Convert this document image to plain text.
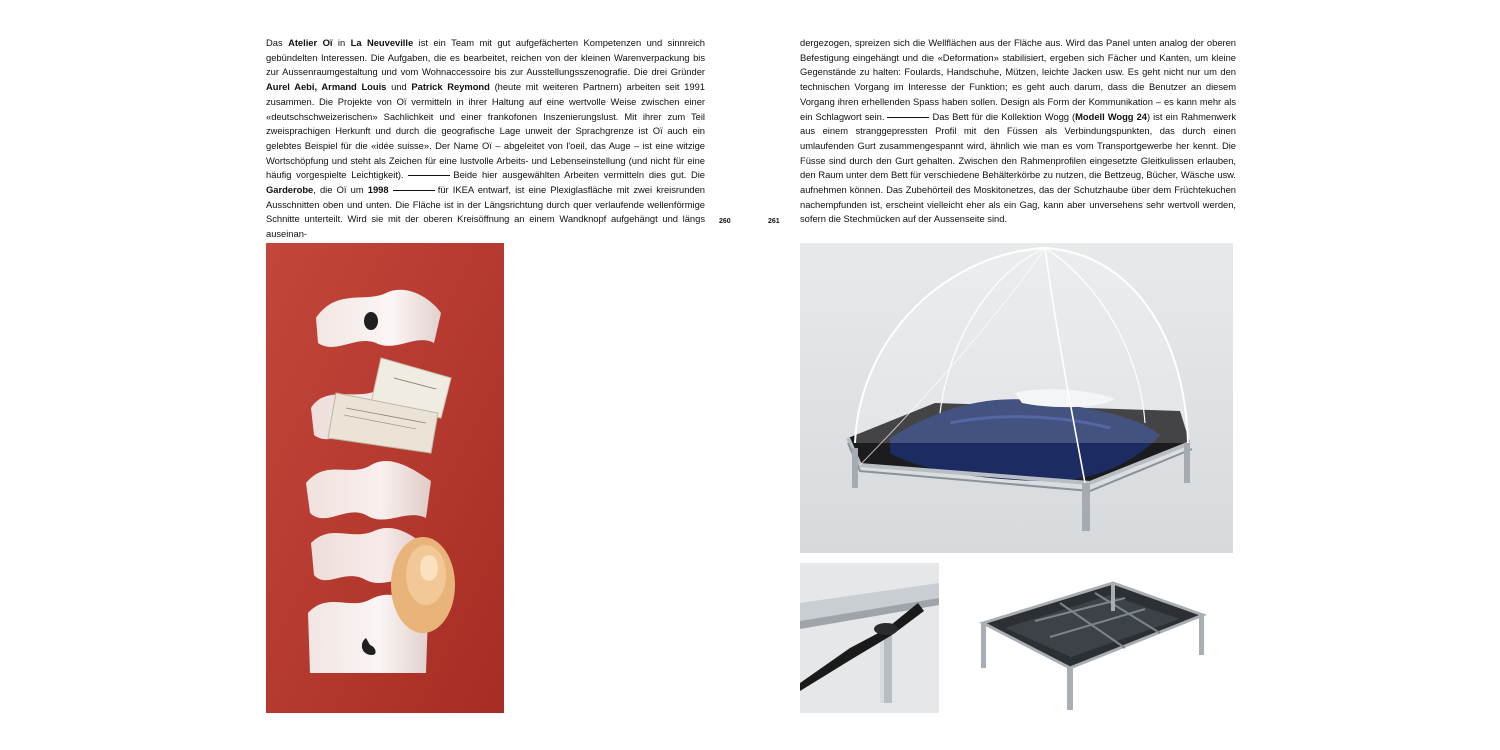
Das Atelier Oï in La Neuveville ist ein Team mit gut aufgefächerten Kompetenzen und sinnreich gebündelten Interessen. Die Aufgaben, die es bearbeitet, reichen von der kleinen Warenverpackung bis zur Aussenraumgestaltung und vom Wohnaccessoire bis zur Ausstellungsszenografie. Die drei Gründer Aurel Aebi, Armand Louis und Patrick Reymond (heute mit weiteren Partnern) arbeiten seit 1991 zusammen. Die Projekte von Oï vermitteln in ihrer Haltung auf eine wertvolle Weise zwischen einer «deutschschweizerischen» Sachlichkeit und einer frankofonen Inszenierungslust. Mit ihrer zum Teil zweisprachigen Herkunft und durch die geografische Lage unweit der Sprachgrenze ist Oï auch ein gelebtes Beispiel für die «idée suisse». Der Name Oï – abgeleitet von l'oeil, das Auge – ist eine witzige Wortschöpfung und steht als Zeichen für eine lustvolle Arbeits- und Lebenseinstellung (und nicht für eine häufig vorgespielte Leichtigkeit).	Beide hier ausgewählten Arbeiten vermitteln dies gut. Die Garderobe, die Oï um 1998	für IKEA entwarf, ist eine Plexiglasfläche mit zwei kreisrunden Ausschnitten oben und unten. Die Fläche ist in der Längsrichtung durch quer verlaufende wellenförmige Schnitte unterteilt. Wird sie mit der oberen Kreisöffnung an einem Wandknopf aufgehängt und längs auseinan-

260

dergezogen, spreizen sich die Wellflächen aus der Fläche aus. Wird das Panel unten analog der oberen Befestigung eingehängt und die «Deformation» stabilisiert, ergeben sich Fächer und Kanten, um kleine Gegenstände zu halten: Foulards, Handschuhe, Mützen, leichte Jacken usw. Es geht nicht nur um den technischen Vorgang im Interesse der Funktion; es geht auch darum, dass die Benutzer an diesem Vorgang ihren erhellenden Spass haben sollen. Design als Form der Kommunikation – es kann mehr als ein Schlagwort sein.	Das Bett für die Kollektion Wogg (Modell Wogg 24) ist ein Rahmenwerk aus einem stranggepressten Profil mit den Füssen als Verbindungspunkten, das durch einen umlaufenden Gurt zusammengespannt wird, ähnlich wie man es vom Transportgewerbe her kennt. Die Füsse sind durch den Gurt gehalten. Zwischen den Rahmenprofilen eingesetzte Gleitkulissen erlauben, den Raum unter dem Bett für verschiedene Behälterkörbe zu nutzen, die Bettzeug, Bücher, Wäsche usw. aufnehmen können. Das Zubehörteil des Moskitonetzes, das der Schutzhaube über dem Früchtekuchen nachempfunden ist, erscheint vielleicht eher als ein Gag, kann aber unversehens sehr wertvoll werden, sofern die Stechmücken auf der Aussenseite sind.

261
